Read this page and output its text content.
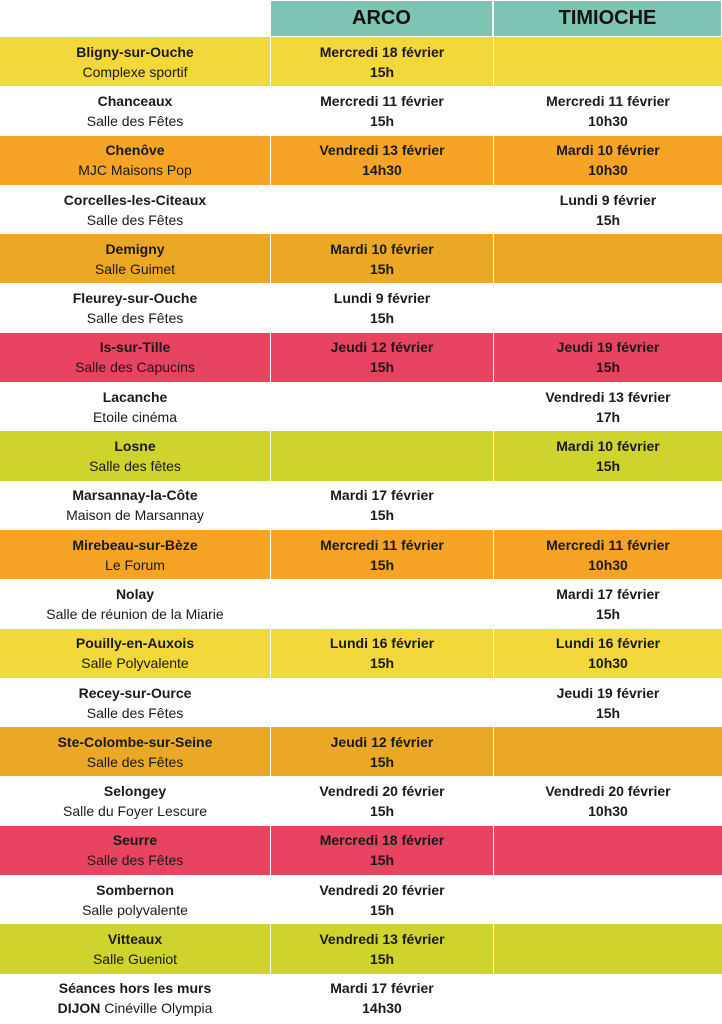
ARCO	TIMIOCHE
Bligny-sur-Ouche
Complexe sportif
Mercredi 18 février
15h
Chanceaux
Salle des Fêtes
Mercredi 11 février
15h
Mercredi 11 février
10h30
Chenôve
MJC Maisons Pop
Vendredi 13 février
14h30
Mardi 10 février
10h30
Corcelles-les-Citeaux
Salle des Fêtes
Lundi 9 février
15h
Demigny
Salle Guimet
Mardi 10 février
15h
Fleurey-sur-Ouche
Salle des Fêtes
Lundi 9 février
15h
Is-sur-Tille
Salle des Capucins
Jeudi 12 février
15h
Jeudi 19 février
15h
Lacanche
Etoile cinéma
Vendredi 13 février
17h
Losne
Salle des fêtes
Mardi 10 février
15h
Marsannay-la-Côte
Maison de Marsannay
Mardi 17 février
15h
Mirebeau-sur-Bèze
Le Forum
Mercredi 11 février
15h
Mercredi 11 février
10h30
Nolay
Salle de réunion de la Miarie
Mardi 17 février
15h
Pouilly-en-Auxois
Salle Polyvalente
Lundi 16 février
15h
Lundi 16 février
10h30
Recey-sur-Ource
Salle des Fêtes
Jeudi 19 février
15h
Ste-Colombe-sur-Seine
Salle des Fêtes
Jeudi 12 février
15h
Selongey
Salle du Foyer Lescure
Vendredi 20 février
15h
Vendredi 20 février
10h30
Seurre
Salle des Fêtes
Mercredi 18 février
15h
Sombernon
Salle polyvalente
Vendredi 20 février
15h
Vitteaux
Salle Gueniot
Vendredi 13 février
15h
Séances hors les murs
DIJON Cinéville Olympia
Mardi 17 février
14h30
